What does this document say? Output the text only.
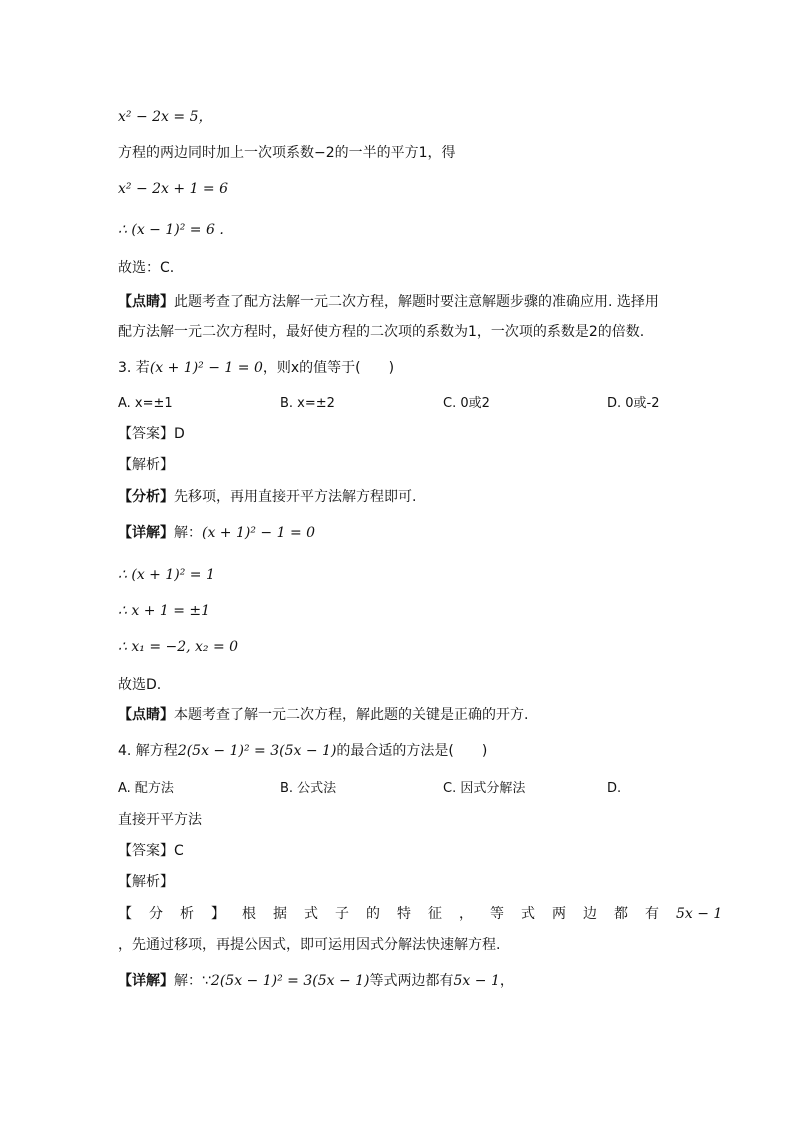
x² − 2x = 5，
方程的两边同时加上一次项系数−2的一半的平方1，得
x² − 2x + 1 = 6
∴ (x − 1)² = 6 .
故选：C.
【点睛】此题考查了配方法解一元二次方程，解题时要注意解题步骤的准确应用. 选择用
配方法解一元二次方程时，最好使方程的二次项的系数为1，一次项的系数是2的倍数.
3. 若(x + 1)² − 1 = 0，则x的值等于(　　)
A. x=±1	B. x=±2	C. 0或2	D. 0或-2
【答案】D
【解析】
【分析】先移项，再用直接开平方法解方程即可.
【详解】解：(x + 1)² − 1 = 0
∴ (x + 1)² = 1
∴ x + 1 = ±1
∴ x₁ = −2, x₂ = 0
故选D.
【点睛】本题考查了解一元二次方程，解此题的关键是正确的开方.
4. 解方程2(5x − 1)² = 3(5x − 1)的最合适的方法是(　　)
A. 配方法	B. 公式法	C. 因式分解法	D.
直接开平方法
【答案】C
【解析】
【分析】根据式子的特征，等式两边都有5x − 1
，先通过移项，再提公因式，即可运用因式分解法快速解方程.
【详解】解：∵2(5x − 1)² = 3(5x − 1)等式两边都有5x − 1，
